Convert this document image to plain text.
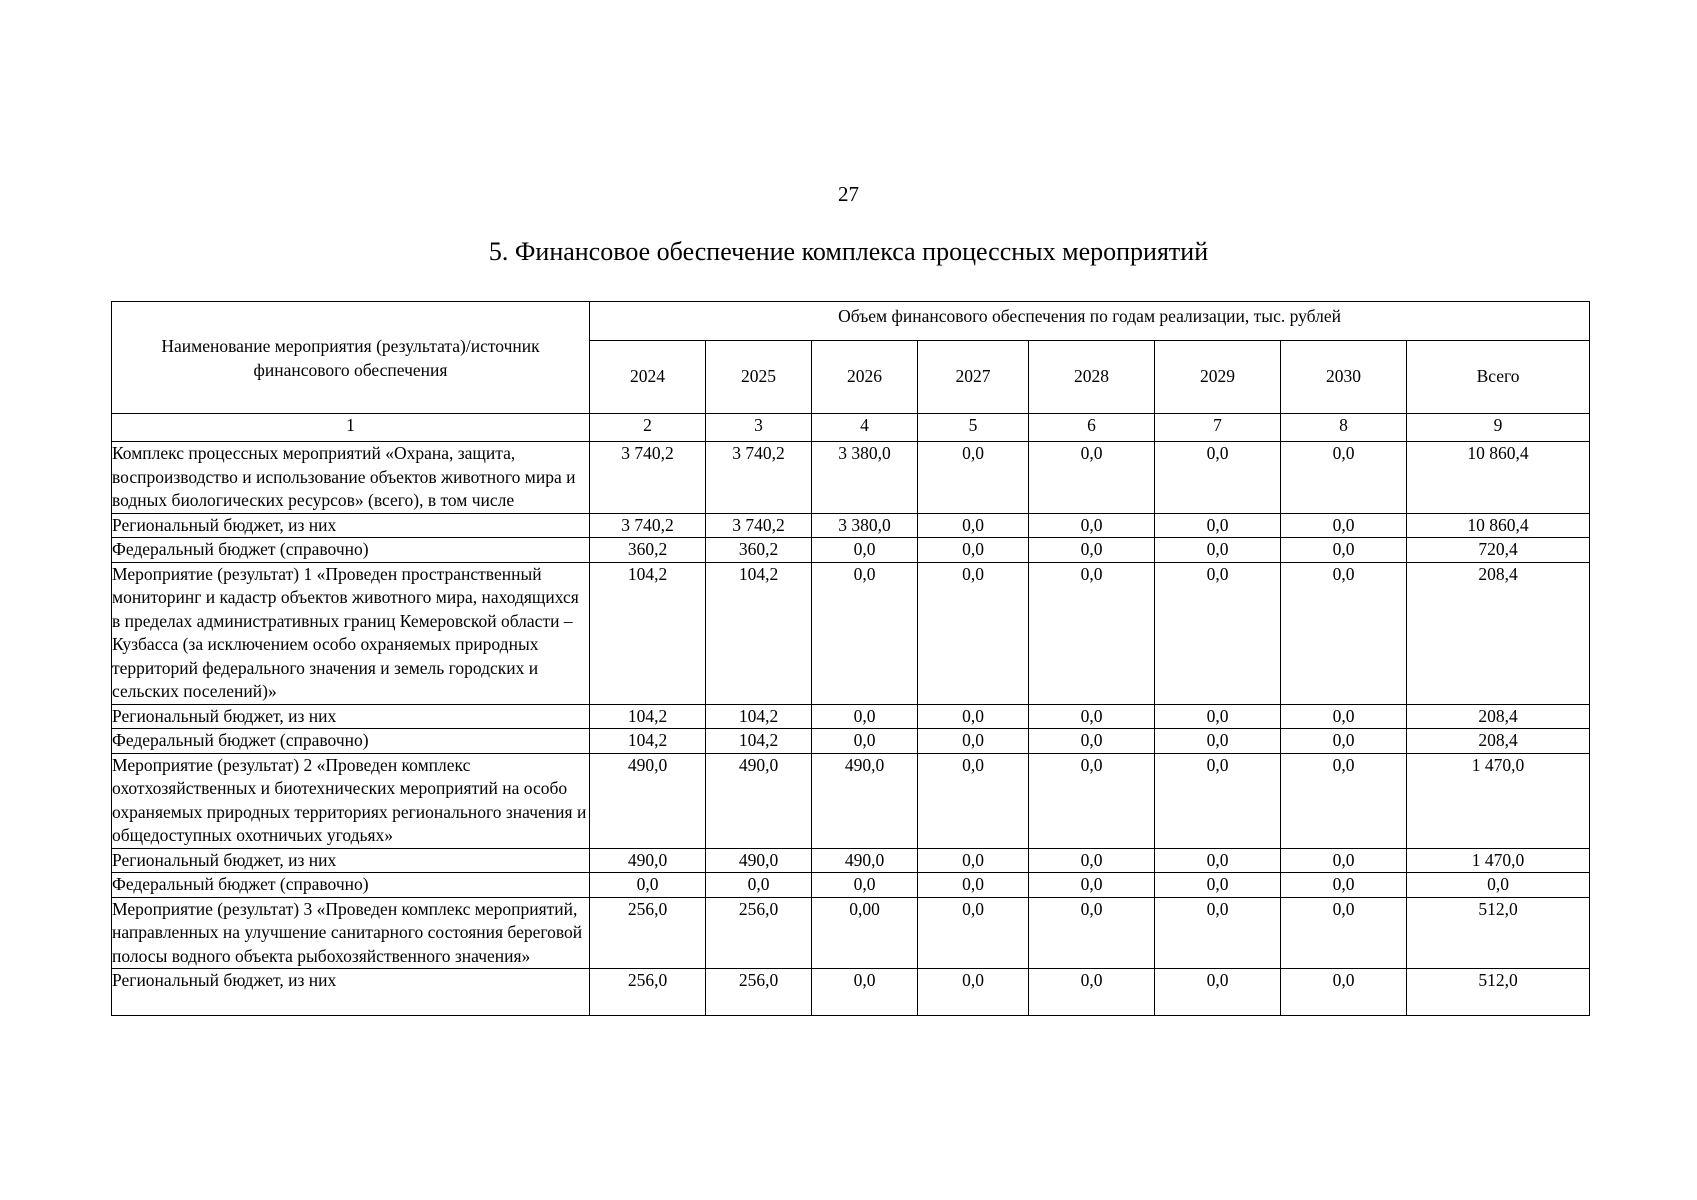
27
5. Финансовое обеспечение комплекса процессных мероприятий
Наименование мероприятия (результата)/источник финансового обеспечения	Объем финансового обеспечения по годам реализации, тыс. рублей							
	2024	2025	2026	2027	2028	2029	2030	Всего
1	2	3	4	5	6	7	8	9
Комплекс процессных мероприятий «Охрана, защита, воспроизводство и использование объектов животного мира и водных биологических ресурсов» (всего), в том числе	3 740,2	3 740,2	3 380,0	0,0	0,0	0,0	0,0	10 860,4
Региональный бюджет, из них	3 740,2	3 740,2	3 380,0	0,0	0,0	0,0	0,0	10 860,4
Федеральный бюджет (справочно)	360,2	360,2	0,0	0,0	0,0	0,0	0,0	720,4
Мероприятие (результат) 1 «Проведен пространственный мониторинг и кадастр объектов животного мира, находящихся в пределах административных границ Кемеровской области – Кузбасса (за исключением особо охраняемых природных территорий федерального значения и земель городских и сельских поселений)»	104,2	104,2	0,0	0,0	0,0	0,0	0,0	208,4
Региональный бюджет, из них	104,2	104,2	0,0	0,0	0,0	0,0	0,0	208,4
Федеральный бюджет (справочно)	104,2	104,2	0,0	0,0	0,0	0,0	0,0	208,4
Мероприятие (результат) 2 «Проведен комплекс охотхозяйственных и биотехнических мероприятий на особо охраняемых природных территориях регионального значения и общедоступных охотничьих угодьях»	490,0	490,0	490,0	0,0	0,0	0,0	0,0	1 470,0
Региональный бюджет, из них	490,0	490,0	490,0	0,0	0,0	0,0	0,0	1 470,0
Федеральный бюджет (справочно)	0,0	0,0	0,0	0,0	0,0	0,0	0,0	0,0
Мероприятие (результат) 3 «Проведен комплекс мероприятий, направленных на улучшение санитарного состояния береговой полосы водного объекта рыбохозяйственного значения»	256,0	256,0	0,00	0,0	0,0	0,0	0,0	512,0
Региональный бюджет, из них	256,0	256,0	0,0	0,0	0,0	0,0	0,0	512,0
